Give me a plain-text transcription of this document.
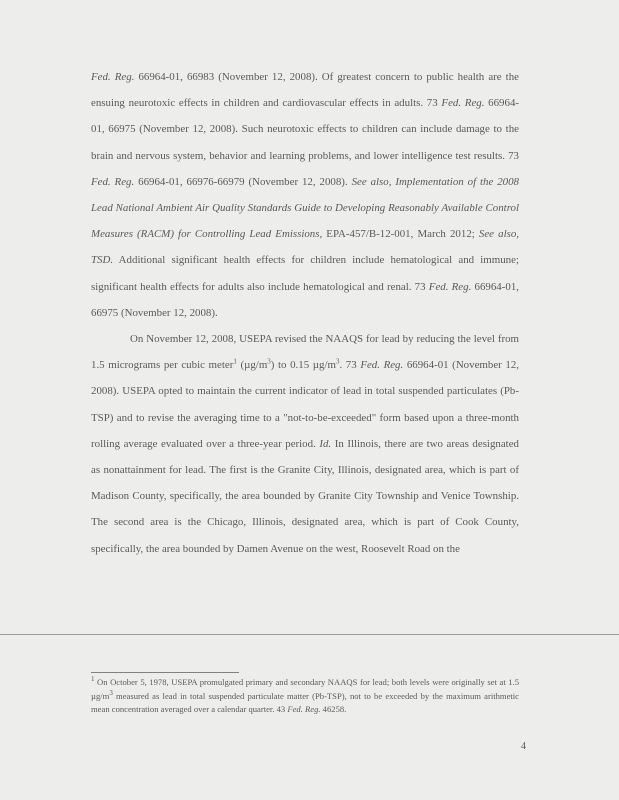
Fed. Reg. 66964-01, 66983 (November 12, 2008). Of greatest concern to public health are the ensuing neurotoxic effects in children and cardiovascular effects in adults. 73 Fed. Reg. 66964-01, 66975 (November 12, 2008). Such neurotoxic effects to children can include damage to the brain and nervous system, behavior and learning problems, and lower intelligence test results. 73 Fed. Reg. 66964-01, 66976-66979 (November 12, 2008). See also, Implementation of the 2008 Lead National Ambient Air Quality Standards Guide to Developing Reasonably Available Control Measures (RACM) for Controlling Lead Emissions, EPA-457/B-12-001, March 2012; See also, TSD. Additional significant health effects for children include hematological and immune; significant health effects for adults also include hematological and renal. 73 Fed. Reg. 66964-01, 66975 (November 12, 2008).

On November 12, 2008, USEPA revised the NAAQS for lead by reducing the level from 1.5 micrograms per cubic meter$^1$ $(\mu g/m^3)$ to 0.15 $\mu g/m^3$. 73 Fed. Reg. 66964-01 (November 12, 2008). USEPA opted to maintain the current indicator of lead in total suspended particulates (Pb-TSP) and to revise the averaging time to a "not-to-be-exceeded" form based upon a three-month rolling average evaluated over a three-year period. Id. In Illinois, there are two areas designated as nonattainment for lead. The first is the Granite City, Illinois, designated area, which is part of Madison County, specifically, the area bounded by Granite City Township and Venice Township. The second area is the Chicago, Illinois, designated area, which is part of Cook County, specifically, the area bounded by Damen Avenue on the west, Roosevelt Road on the

$^1$ On October 5, 1978, USEPA promulgated primary and secondary NAAQS for lead; both levels were originally set at 1.5 $\mu g/m^3$ measured as lead in total suspended particulate matter (Pb-TSP), not to be exceeded by the maximum arithmetic mean concentration averaged over a calendar quarter. 43 Fed. Reg. 46258.
4
